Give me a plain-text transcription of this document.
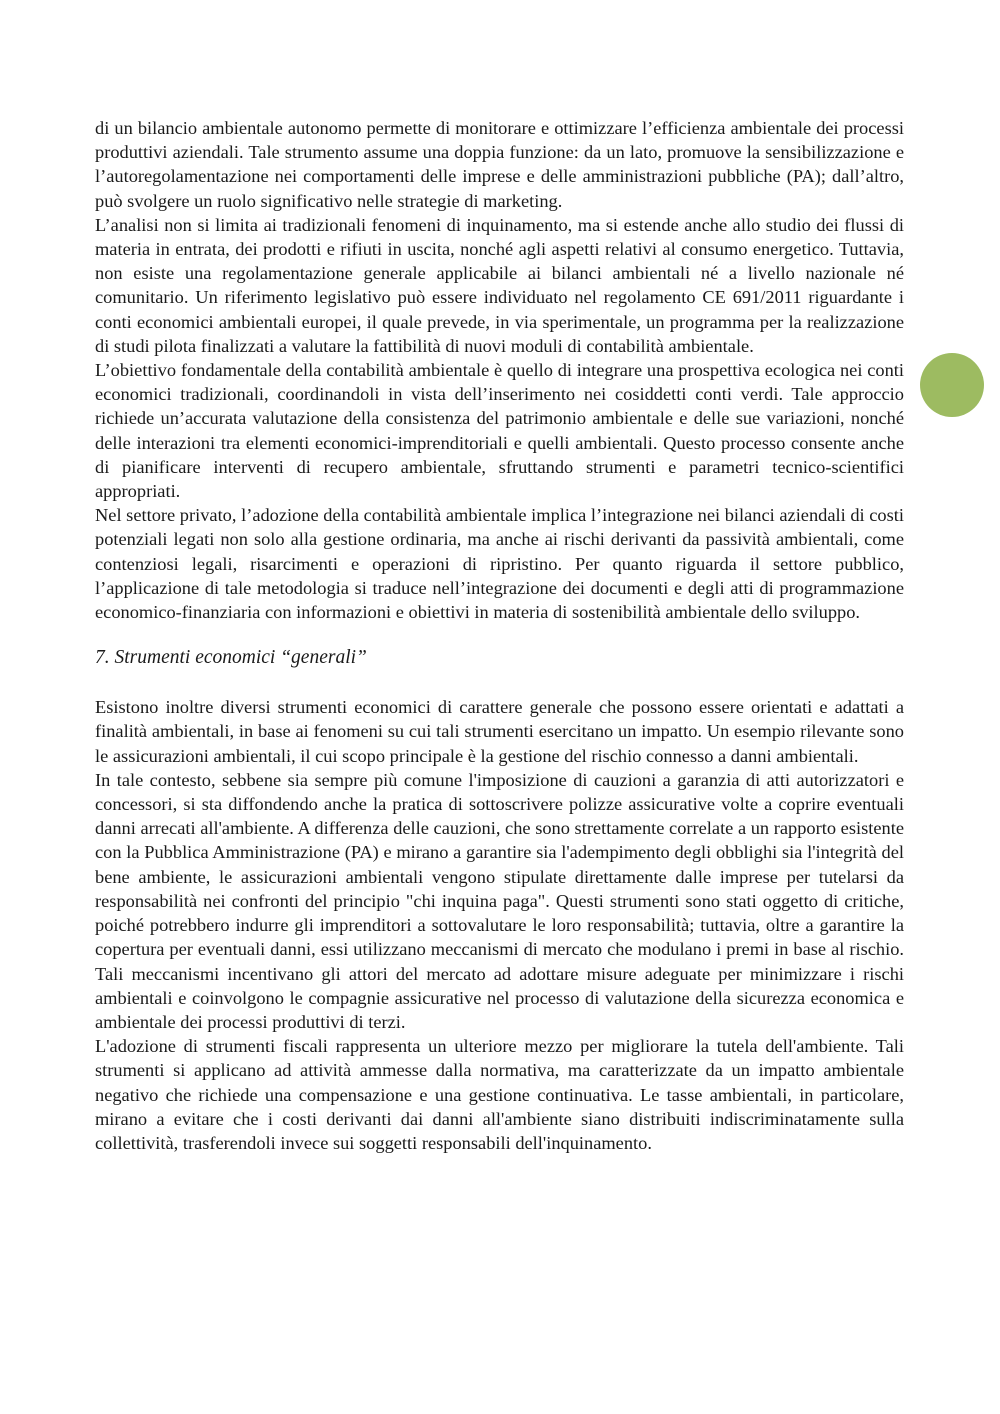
di un bilancio ambientale autonomo permette di monitorare e ottimizzare l’efficienza ambientale dei processi produttivi aziendali. Tale strumento assume una doppia funzione: da un lato, promuove la sensibilizzazione e l’autoregolamentazione nei comportamenti delle imprese e delle amministrazioni pubbliche (PA); dall’altro, può svolgere un ruolo significativo nelle strategie di marketing.

L’analisi non si limita ai tradizionali fenomeni di inquinamento, ma si estende anche allo studio dei flussi di materia in entrata, dei prodotti e rifiuti in uscita, nonché agli aspetti relativi al consumo energetico. Tuttavia, non esiste una regolamentazione generale applicabile ai bilanci ambientali né a livello nazionale né comunitario. Un riferimento legislativo può essere individuato nel regolamento CE 691/2011 riguardante i conti economici ambientali europei, il quale prevede, in via sperimentale, un programma per la realizzazione di studi pilota finalizzati a valutare la fattibilità di nuovi moduli di contabilità ambientale.

L’obiettivo fondamentale della contabilità ambientale è quello di integrare una prospettiva ecologica nei conti economici tradizionali, coordinandoli in vista dell’inserimento nei cosiddetti conti verdi. Tale approccio richiede un’accurata valutazione della consistenza del patrimonio ambientale e delle sue variazioni, nonché delle interazioni tra elementi economici-imprenditoriali e quelli ambientali. Questo processo consente anche di pianificare interventi di recupero ambientale, sfruttando strumenti e parametri tecnico-scientifici appropriati.

Nel settore privato, l’adozione della contabilità ambientale implica l’integrazione nei bilanci aziendali di costi potenziali legati non solo alla gestione ordinaria, ma anche ai rischi derivanti da passività ambientali, come contenziosi legali, risarcimenti e operazioni di ripristino. Per quanto riguarda il settore pubblico, l’applicazione di tale metodologia si traduce nell’integrazione dei documenti e degli atti di programmazione economico-finanziaria con informazioni e obiettivi in materia di sostenibilità ambientale dello sviluppo.

7. Strumenti economici “generali”

Esistono inoltre diversi strumenti economici di carattere generale che possono essere orientati e adattati a finalità ambientali, in base ai fenomeni su cui tali strumenti esercitano un impatto. Un esempio rilevante sono le assicurazioni ambientali, il cui scopo principale è la gestione del rischio connesso a danni ambientali.

In tale contesto, sebbene sia sempre più comune l'imposizione di cauzioni a garanzia di atti autorizzatori e concessori, si sta diffondendo anche la pratica di sottoscrivere polizze assicurative volte a coprire eventuali danni arrecati all'ambiente. A differenza delle cauzioni, che sono strettamente correlate a un rapporto esistente con la Pubblica Amministrazione (PA) e mirano a garantire sia l'adempimento degli obblighi sia l'integrità del bene ambiente, le assicurazioni ambientali vengono stipulate direttamente dalle imprese per tutelarsi da responsabilità nei confronti del principio "chi inquina paga". Questi strumenti sono stati oggetto di critiche, poiché potrebbero indurre gli imprenditori a sottovalutare le loro responsabilità; tuttavia, oltre a garantire la copertura per eventuali danni, essi utilizzano meccanismi di mercato che modulano i premi in base al rischio. Tali meccanismi incentivano gli attori del mercato ad adottare misure adeguate per minimizzare i rischi ambientali e coinvolgono le compagnie assicurative nel processo di valutazione della sicurezza economica e ambientale dei processi produttivi di terzi.

L'adozione di strumenti fiscali rappresenta un ulteriore mezzo per migliorare la tutela dell'ambiente. Tali strumenti si applicano ad attività ammesse dalla normativa, ma caratterizzate da un impatto ambientale negativo che richiede una compensazione e una gestione continuativa. Le tasse ambientali, in particolare, mirano a evitare che i costi derivanti dai danni all'ambiente siano distribuiti indiscriminatamente sulla collettività, trasferendoli invece sui soggetti responsabili dell'inquinamento.
